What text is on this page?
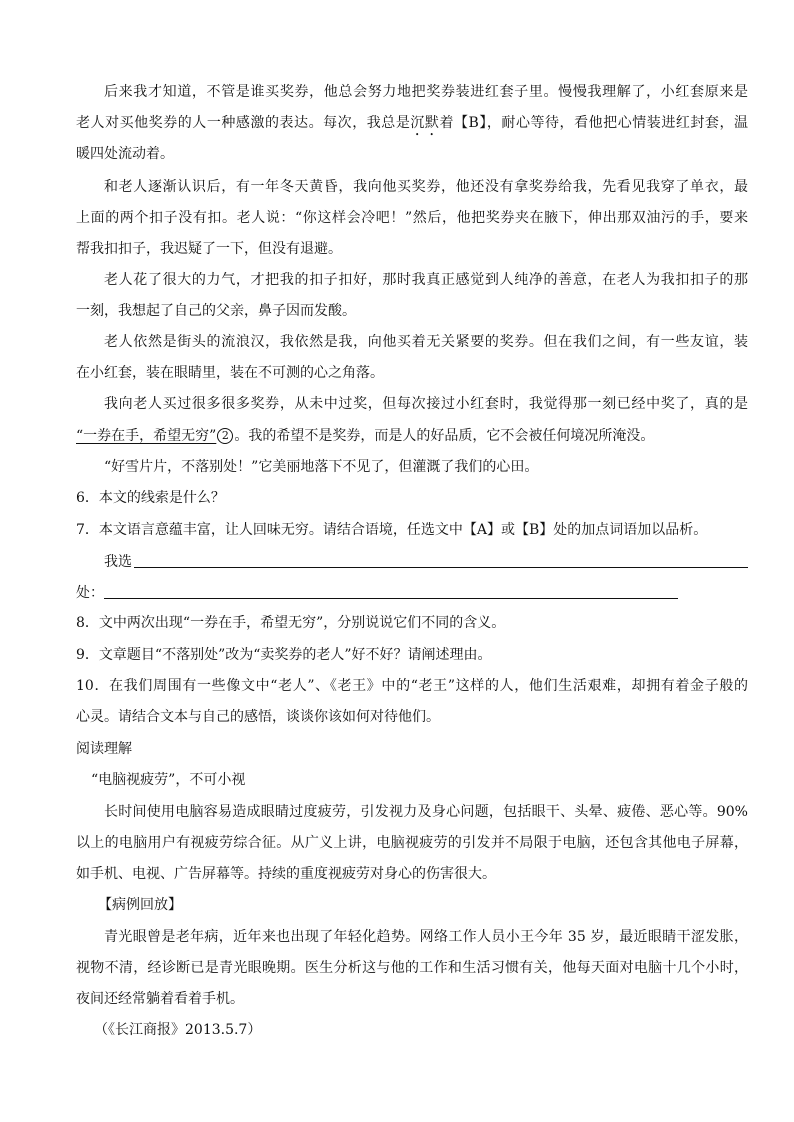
后来我才知道，不管是谁买奖券，他总会努力地把奖券装进红套子里。慢慢我理解了，小红套原来是
老人对买他奖券的人一种感激的表达。每次，我总是沉默着【B】，耐心等待，看他把心情装进红封套，温
暖四处流动着。
和老人逐渐认识后，有一年冬天黄昏，我向他买奖券，他还没有拿奖券给我，先看见我穿了单衣，最
上面的两个扣子没有扣。老人说：“你这样会冷吧！”然后，他把奖券夹在腋下，伸出那双油污的手，要来
帮我扣扣子，我迟疑了一下，但没有退避。
老人花了很大的力气，才把我的扣子扣好，那时我真正感觉到人纯净的善意，在老人为我扣扣子的那
一刻，我想起了自己的父亲，鼻子因而发酸。
老人依然是街头的流浪汉，我依然是我，向他买着无关紧要的奖券。但在我们之间，有一些友谊，装
在小红套，装在眼睛里，装在不可测的心之角落。
我向老人买过很多很多奖券，从未中过奖，但每次接过小红套时，我觉得那一刻已经中奖了，真的是
“一券在手，希望无穷” 2 。我的希望不是奖券，而是人的好品质，它不会被任何境况所淹没。
“好雪片片，不落别处！”它美丽地落下不见了，但灌溉了我们的心田。
6．本文的线索是什么？
7．本文语言意蕴丰富，让人回味无穷。请结合语境，任选文中【A】或【B】处的加点词语加以品析。
我选
处：
8．文中两次出现“一券在手，希望无穷”，分别说说它们不同的含义。
9．文章题目“不落别处”改为“卖奖券的老人”好不好？请阐述理由。
10．在我们周围有一些像文中“老人”、《老王》中的“老王”这样的人，他们生活艰难，却拥有着金子般的
心灵。请结合文本与自己的感悟，谈谈你该如何对待他们。
阅读理解
“电脑视疲劳”，不可小视
长时间使用电脑容易造成眼睛过度疲劳，引发视力及身心问题，包括眼干、头晕、疲倦、恶心等。90%
以上的电脑用户有视疲劳综合征。从广义上讲，电脑视疲劳的引发并不局限于电脑，还包含其他电子屏幕，
如手机、电视、广告屏幕等。持续的重度视疲劳对身心的伤害很大。
【病例回放】
青光眼曾是老年病，近年来也出现了年轻化趋势。网络工作人员小王今年 35 岁，最近眼睛干涩发胀，
视物不清，经诊断已是青光眼晚期。医生分析这与他的工作和生活习惯有关，他每天面对电脑十几个小时，
夜间还经常躺着看着手机。
（《长江商报》2013.5.7）
